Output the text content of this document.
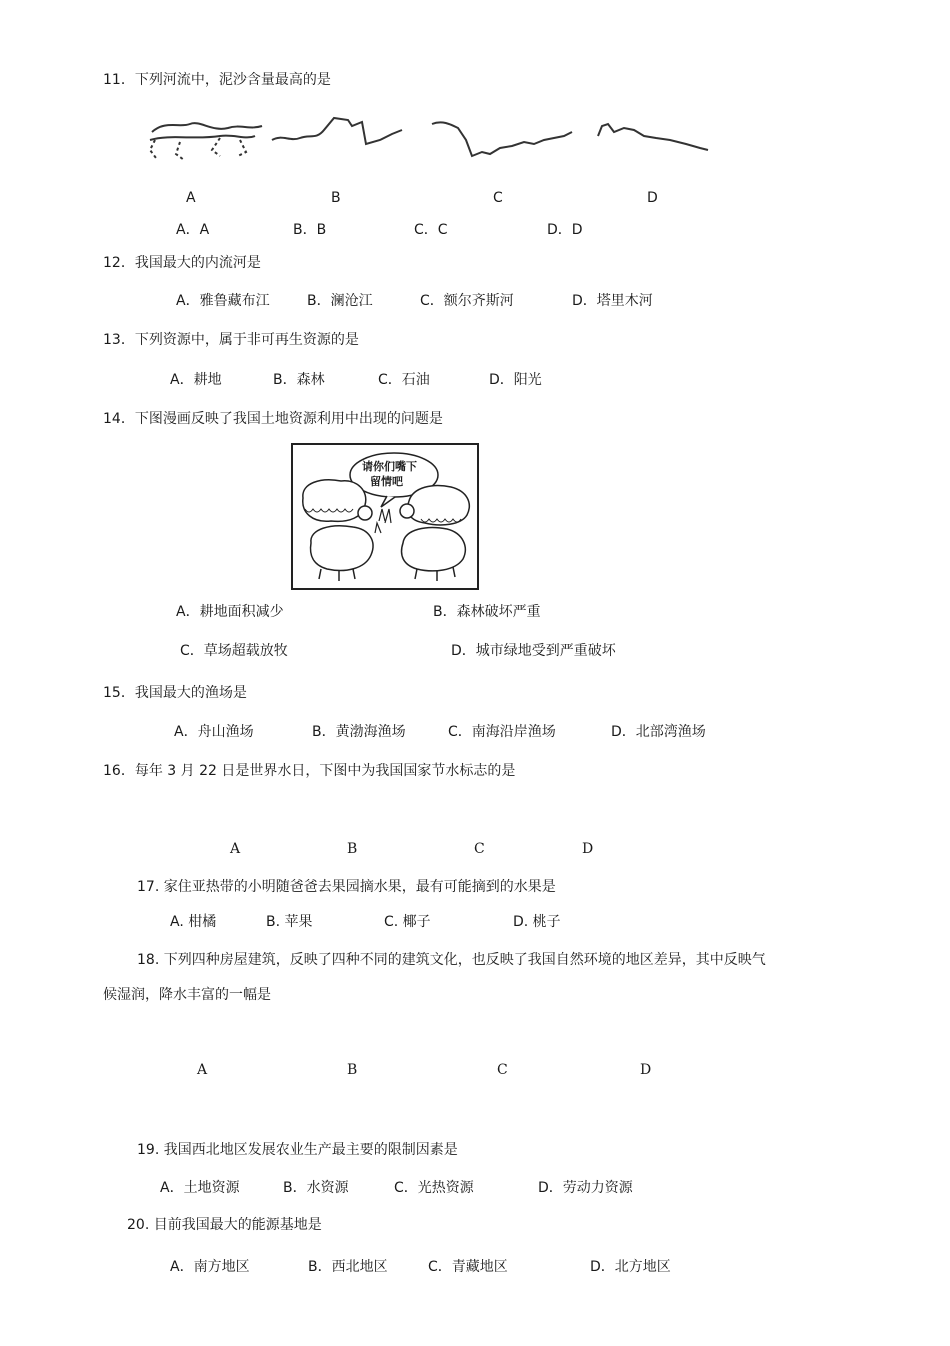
11．下列河流中，泥沙含量最高的是
A	B	C	D
A．A	B．B	C．C	D．D
12．我国最大的内流河是
A．雅鲁藏布江	B．澜沧江	C．额尔齐斯河	D．塔里木河
13．下列资源中，属于非可再生资源的是
A．耕地	B．森林	C．石油	D．阳光
14．下图漫画反映了我国土地资源利用中出现的问题是
请你们嘴下
留情吧
A．耕地面积减少	B．森林破坏严重
C．草场超载放牧	D．城市绿地受到严重破坏
15．我国最大的渔场是
A．舟山渔场	B．黄渤海渔场	C．南海沿岸渔场	D．北部湾渔场
16．每年 3 月 22 日是世界水日，下图中为我国国家节水标志的是
A	B	C	D
17. 家住亚热带的小明随爸爸去果园摘水果，最有可能摘到的水果是
A. 柑橘	B. 苹果	C. 椰子	D. 桃子
18. 下列四种房屋建筑，反映了四种不同的建筑文化，也反映了我国自然环境的地区差异，其中反映气
候湿润，降水丰富的一幅是
A	B	C	D
19. 我国西北地区发展农业生产最主要的限制因素是
A．土地资源	B．水资源	C．光热资源	D．劳动力资源
20. 目前我国最大的能源基地是
A．南方地区	B．西北地区	C．青藏地区	D．北方地区
